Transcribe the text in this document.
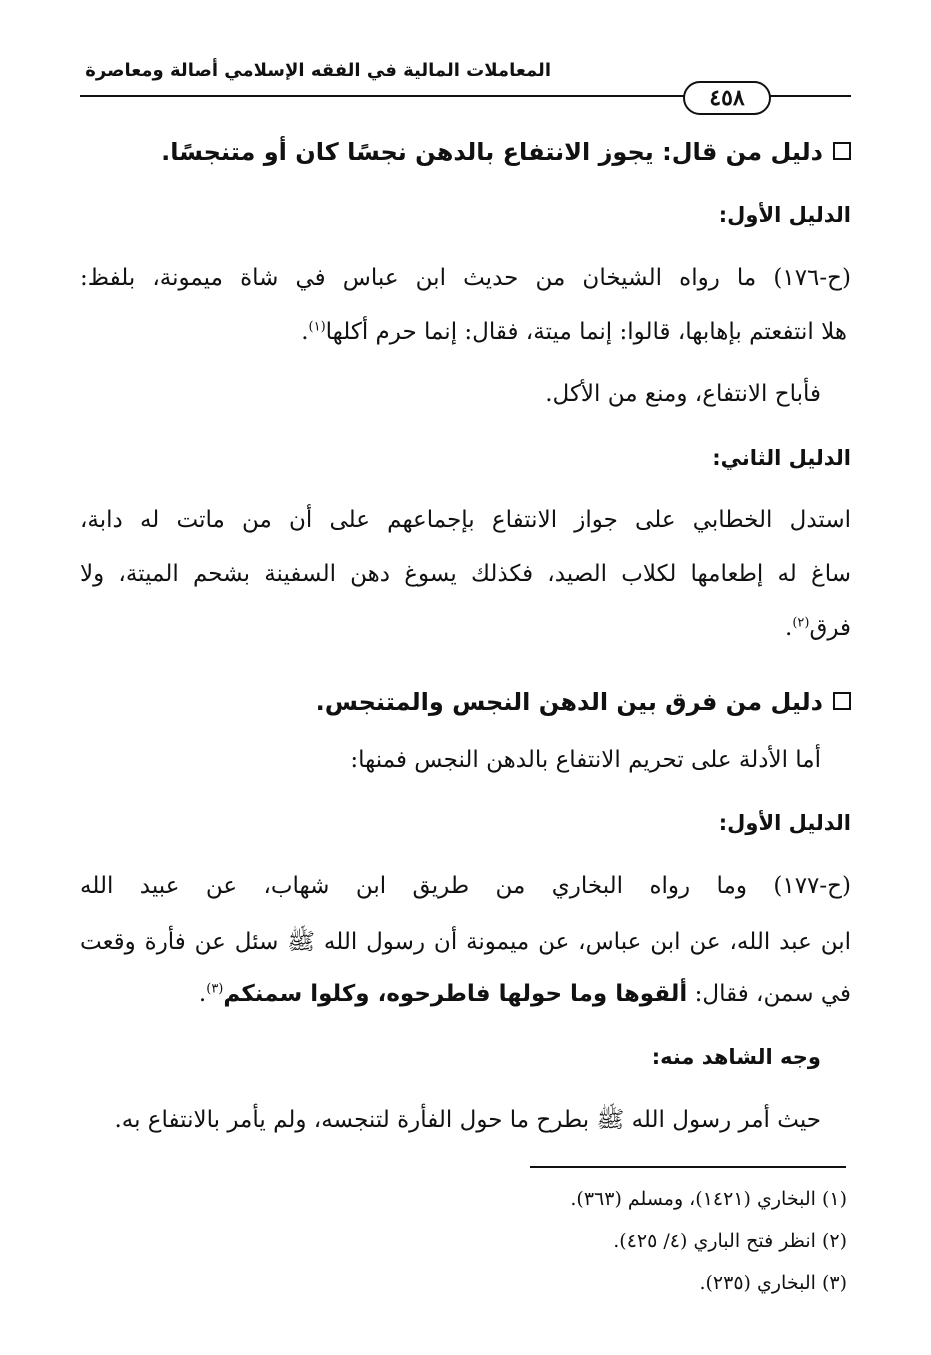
المعاملات المالية في الفقه الإسلامي أصالة ومعاصرة
٤٥٨
دليل من قال: يجوز الانتفاع بالدهن نجسًا كان أو متنجسًا.
الدليل الأول:
(ح-١٧٦) ما رواه الشيخان من حديث ابن عباس في شاة ميمونة، بلفظ:
هلا انتفعتم بإهابها، قالوا: إنما ميتة، فقال: إنما حرم أكلها$^{(١)}$.
فأباح الانتفاع، ومنع من الأكل.
الدليل الثاني:
استدل الخطابي على جواز الانتفاع بإجماعهم على أن من ماتت له دابة،
ساغ له إطعامها لكلاب الصيد، فكذلك يسوغ دهن السفينة بشحم الميتة، ولا
فرق$^{(٢)}$.
دليل من فرق بين الدهن النجس والمتنجس.
أما الأدلة على تحريم الانتفاع بالدهن النجس فمنها:
الدليل الأول:
(ح-١٧٧) وما رواه البخاري من طريق ابن شهاب، عن عبيد الله
ابن عبد الله، عن ابن عباس، عن ميمونة أن رسول الله ﷺ سئل عن فأرة وقعت
في سمن، فقال: ألقوها وما حولها فاطرحوه، وكلوا سمنكم$^{(٣)}$.
وجه الشاهد منه:
حيث أمر رسول الله ﷺ بطرح ما حول الفأرة لتنجسه، ولم يأمر بالانتفاع به.
(١) البخاري (١٤٢١)، ومسلم (٣٦٣).
(٢) انظر فتح الباري (٤/ ٤٢٥).
(٣) البخاري (٢٣٥).
